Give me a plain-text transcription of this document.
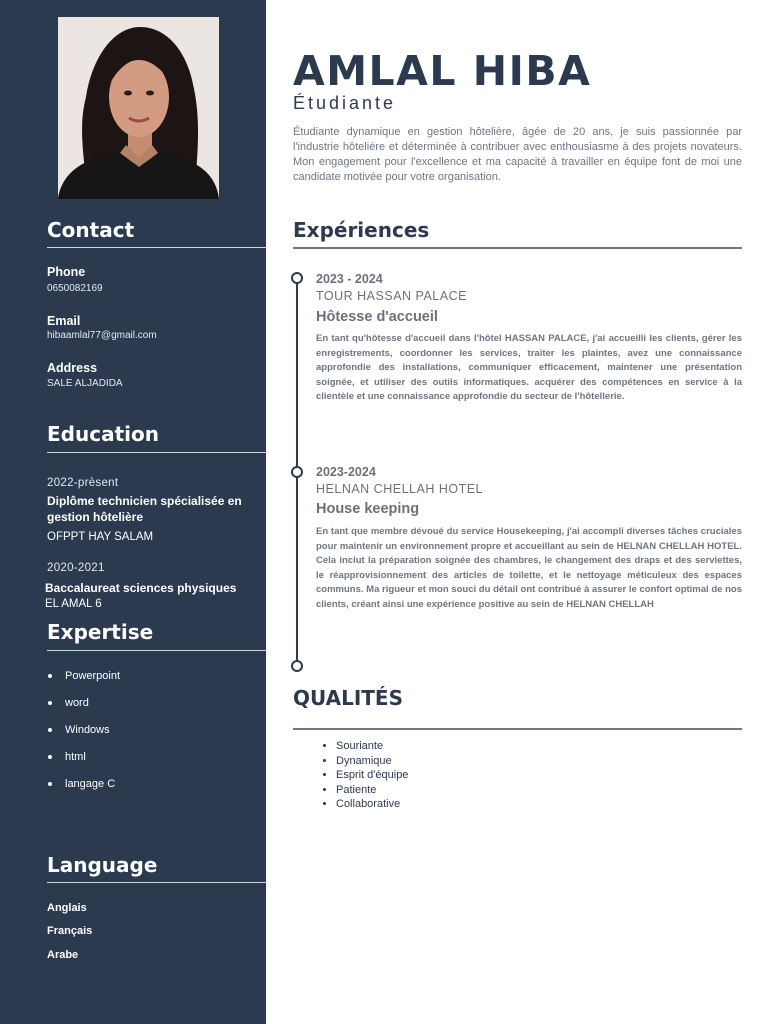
Contact
Phone
0650082169
Email
hibaamlal77@gmail.com
Address
SALE ALJADIDA
Education
2022-prèsent
Diplôme technicien spécialisée en gestion hôtelière
OFPPT HAY SALAM
2020-2021
Baccalaureat sciences physiques
EL AMAL 6
Expertise
Powerpoint
word
Windows
html
langage C
Language
Anglais
Français
Arabe
AMLAL HIBA
Étudiante

Étudiante dynamique en gestion hôtelière, âgée de 20 ans, je suis passionnée par l'industrie hôtelière et déterminée à contribuer avec enthousiasme à des projets novateurs. Mon engagement pour l'excellence et ma capacité à travailler en équipe font de moi une candidate motivée pour votre organisation.

Expériences
2023 - 2024
TOUR HASSAN PALACE
Hôtesse d'accueil

En tant qu'hôtesse d'accueil dans l'hôtel HASSAN PALACE, j'ai accueilli les clients, gérer les enregistrements, coordonner les services, traiter les plaintes, avez une connaissance approfondie des installations, communiquer efficacement, maintener une présentation soignée, et utiliser des outils informatiques. acquérer des compétences en service à la clientèle et une connaissance approfondie du secteur de l'hôtellerie.

2023-2024
HELNAN CHELLAH HOTEL
House keeping

En tant que membre dévoué du service Housekeeping, j'ai accompli diverses tâches cruciales pour maintenir un environnement propre et accueillant au sein de HELNAN CHELLAH HOTEL. Cela inclut la préparation soignée des chambres, le changement des draps et des serviettes, le réapprovisionnement des articles de toilette, et le nettoyage méticuleux des espaces communs. Ma rigueur et mon souci du détail ont contribué à assurer le confort optimal de nos clients, créant ainsi une expérience positive au sein de HELNAN CHELLAH

QUALITÉS
• Souriante
• Dynamique
• Esprit d'équipe
• Patiente
• Collaborative
